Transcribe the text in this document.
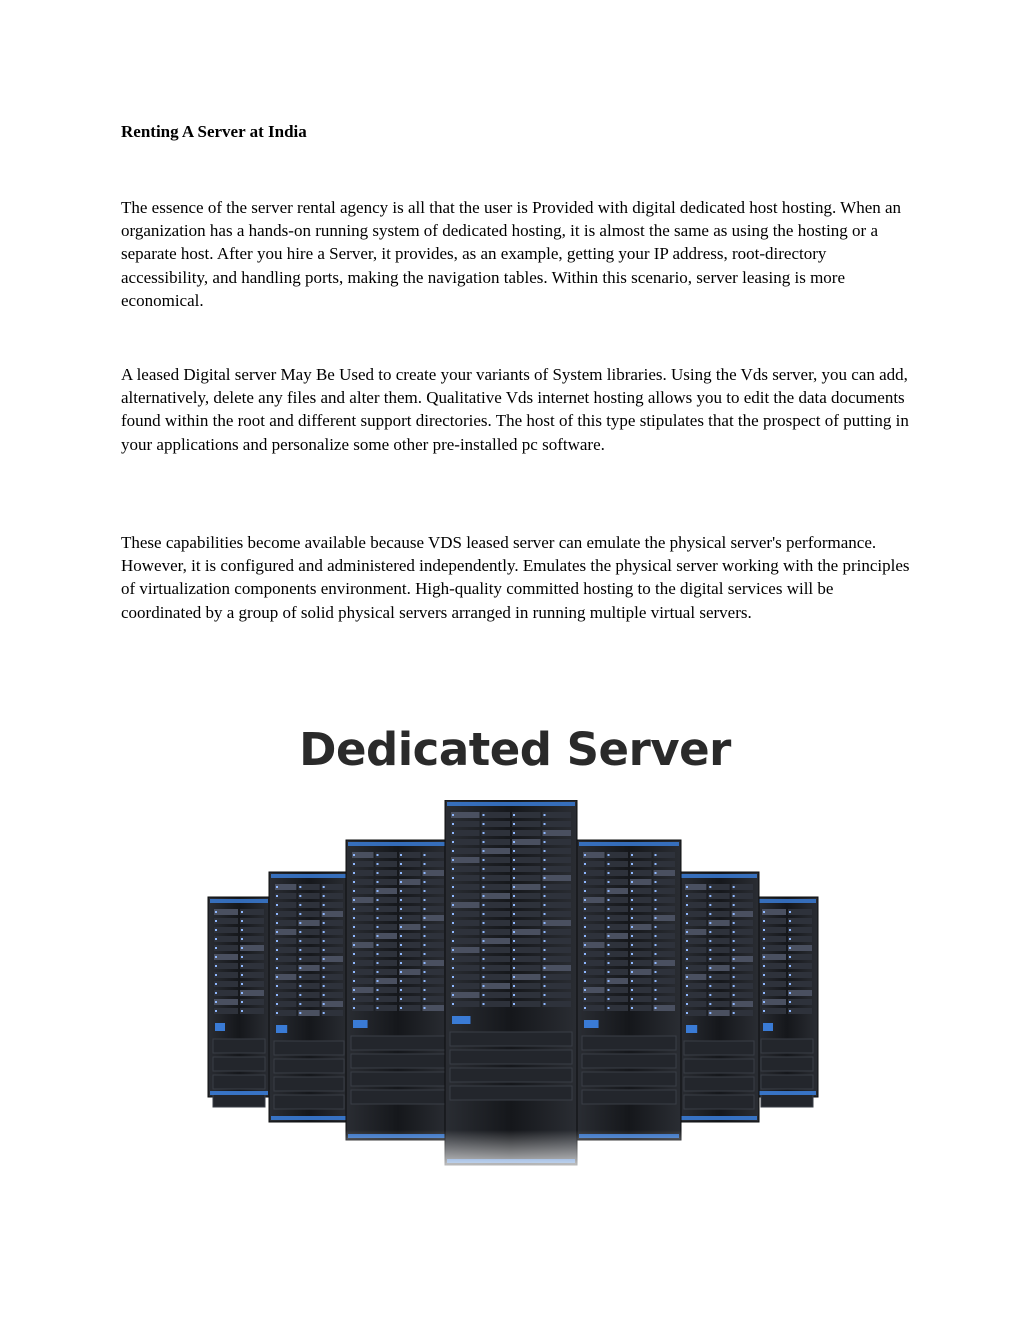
Renting A Server at India

The essence of the server rental agency is all that the user is Provided with digital dedicated host hosting. When an organization has a hands-on running system of dedicated hosting, it is almost the same as using the hosting or a separate host. After you hire a Server, it provides, as an example, getting your IP address, root-directory accessibility, and handling ports, making the navigation tables. Within this scenario, server leasing is more economical.

A leased Digital server May Be Used to create your variants of System libraries. Using the Vds server, you can add, alternatively, delete any files and alter them. Qualitative Vds internet hosting allows you to edit the data documents found within the root and different support directories. The host of this type stipulates that the prospect of putting in your applications and personalize some other pre-installed pc software.

These capabilities become available because VDS leased server can emulate the physical server's performance. However, it is configured and administered independently. Emulates the physical server working with the principles of virtualization components environment. High-quality committed hosting to the digital services will be coordinated by a group of solid physical servers arranged in running multiple virtual servers.

Dedicated Server
